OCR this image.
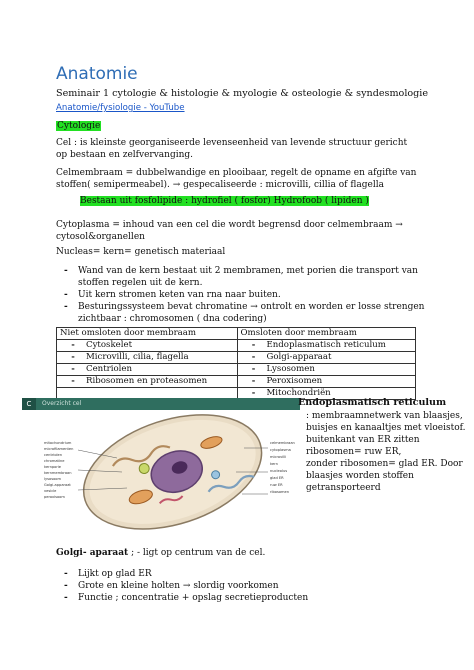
Anatomie
Seminair 1 cytologie & histologie & myologie & osteologie & syndesmologie
Anatomie/fysiologie - YouTube
Cytologie
Cel : is kleinste georganiseerde levenseenheid van levende structuur gericht op bestaan en zelfvervanging.
Celmembraam = dubbelwandige en plooibaar, regelt de opname en afgifte van stoffen( semipermeabel). → gespecaliseerde : microvilli, cillia of flagella
Bestaan uit fosfolipide : hydrofiel ( fosfor) Hydrofoob ( lipiden )
Cytoplasma = inhoud van een cel die wordt begrensd door celmembraam → cytosol&organellen
Nucleas= kern= genetisch materiaal
- Wand van de kern bestaat uit 2 membramen, met porien die transport van
stoffen regelen uit de kern.
- Uit kern stromen keten van rna naar buiten.
- Besturingssysteem bevat chromatine → ontrolt en worden er losse strengen
zichtbaar : chromosomen ( dna codering)
Niet omsloten door membraam	Omsloten door membraam
- Cytoskelet	- Endoplasmatisch reticulum
- Microvilli, cilia, flagella	- Golgi-apparaat
- Centriolen	- Lysosomen
- Ribosomen en proteasomen	- Peroxisomen
	- Mitochondriën
C	Overzicht cel
mitochondrium
microfilamenten
centriolen
chromatine
kernporie
kernmembraan
lysosoom
Golgi-apparaat
vesicle
peroxisoom
celmembraan
cytoplasma
microvilli
kern
nucleolus
glad ER
ruw ER
ribosomen
Endoplasmatisch reticulum
: membraamnetwerk van blaasjes,
buisjes en kanaaltjes met vloeistof.
buitenkant van ER zitten
ribosomen= ruw ER,
zonder ribosomen= glad ER. Door
blaasjes worden stoffen
getransporteerd
Golgi- aparaat ; - ligt op centrum van de cel.
- Lijkt op glad ER
- Grote en kleine holten → slordig voorkomen
- Functie ; concentratie + opslag secretieproducten
